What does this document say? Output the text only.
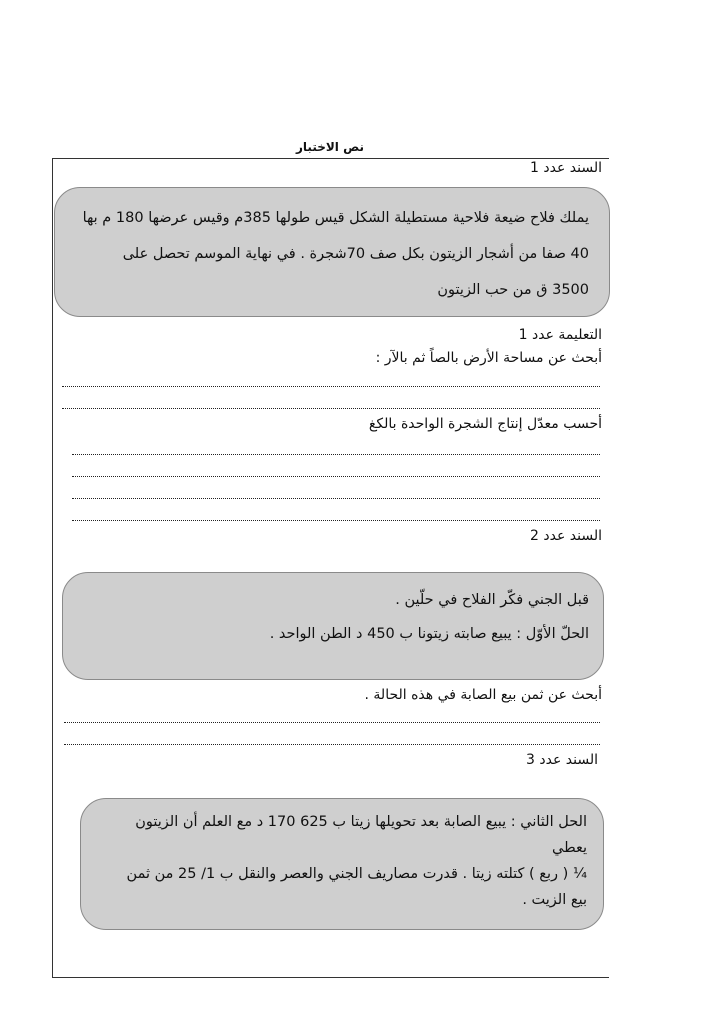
نص الاختبار
السند عدد 1

يملك فلاح ضيعة فلاحية مستطيلة الشكل قيس طولها 385م وقيس عرضها 180 م بها

40 صفا من أشجار الزيتون بكل صف 70شجرة . في نهاية الموسم تحصل على

3500 ق من حب الزيتون

التعليمة عدد 1
أبحث عن مساحة الأرض بالصاً ثم بالآر :
أحسب معدّل إنتاج الشجرة الواحدة بالكغ
السند عدد 2

قبل الجني فكّر الفلاح في حلّين .

الحلّ الأوّل : يبيع صابته زيتونا ب 450 د الطن الواحد .

أبحث عن ثمن بيع الصابة في هذه الحالة .
السند عدد 3

الحل الثاني : يبيع الصابة بعد تحويلها زيتا ب 625 170 د مع العلم أن الزيتون

يعطي

¼ ( ربع ) كتلته زيتا . قدرت مصاريف الجني والعصر والنقل ب 1/ 25 من ثمن

بيع الزيت .
